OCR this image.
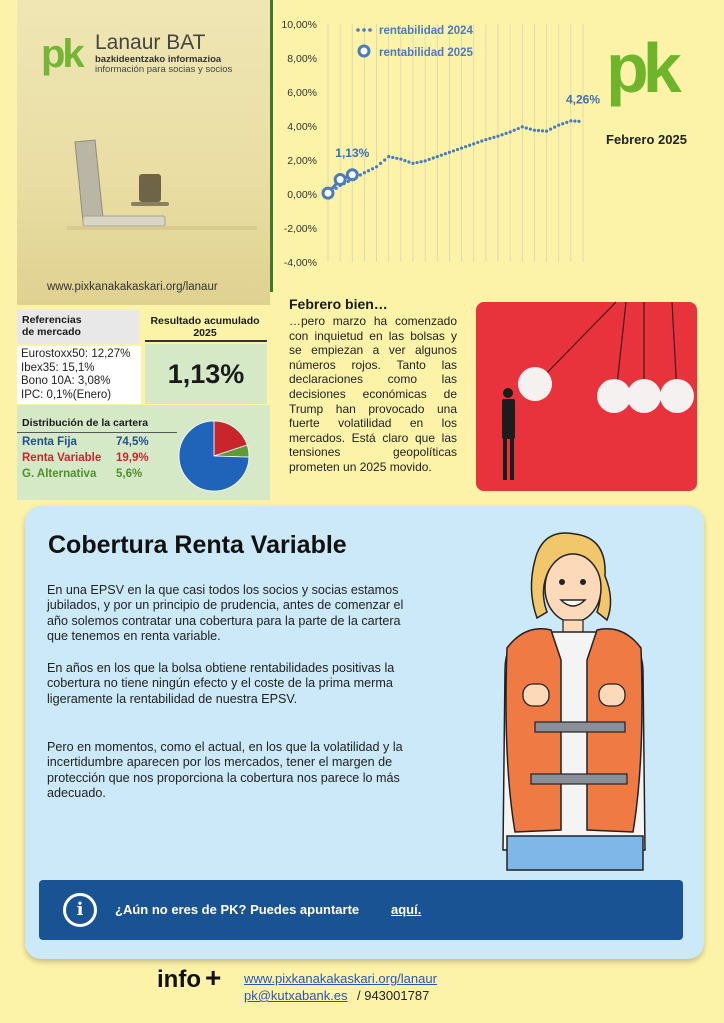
pk Lanaur BAT
bazkideentzako informazioa
información para socias y socios
www.pixkanakakaskari.org/lanaur
10,00%
8,00%
6,00%
4,00%
2,00%
0,00%
-2,00%
-4,00%
1,13%
4,26%
rentabilidad 2024
rentabilidad 2025 pk
Febrero 2025
Referencias
de mercado
Eurostoxx50: 12,27%
Ibex35: 15,1%
Bono 10A: 3,08%
IPC: 0,1%(Enero)
Resultado acumulado
2025
1,13%
Distribución de la cartera
Renta Fija	74,5%
Renta Variable 19,9%
G. Alternativa 5,6%
Febrero bien…
…pero marzo ha comenzado con inquietud en las bolsas y se empiezan a ver algunos números rojos. Tanto las declaraciones como las decisiones económicas de Trump han provocado una fuerte volatilidad en los mercados. Está claro que las tensiones geopolíticas prometen un 2025 movido.
Cobertura Renta Variable
En una EPSV en la que casi todos los socios y socias estamos jubilados, y por un principio de prudencia, antes de comenzar el año solemos contratar una cobertura para la parte de la cartera que tenemos en renta variable.
En años en los que la bolsa obtiene rentabilidades positivas la cobertura no tiene ningún efecto y el coste de la prima merma ligeramente la rentabilidad de nuestra EPSV.
Pero en momentos, como el actual, en los que la volatilidad y la incertidumbre aparecen por los mercados, tener el margen de protección que nos proporciona la cobertura nos parece lo más adecuado.
i	¿Aún no eres de PK? Puedes apuntarte aquí.
info + www.pixkanakakaskari.org/lanaur
pk@kutxabank.es / 943001787
